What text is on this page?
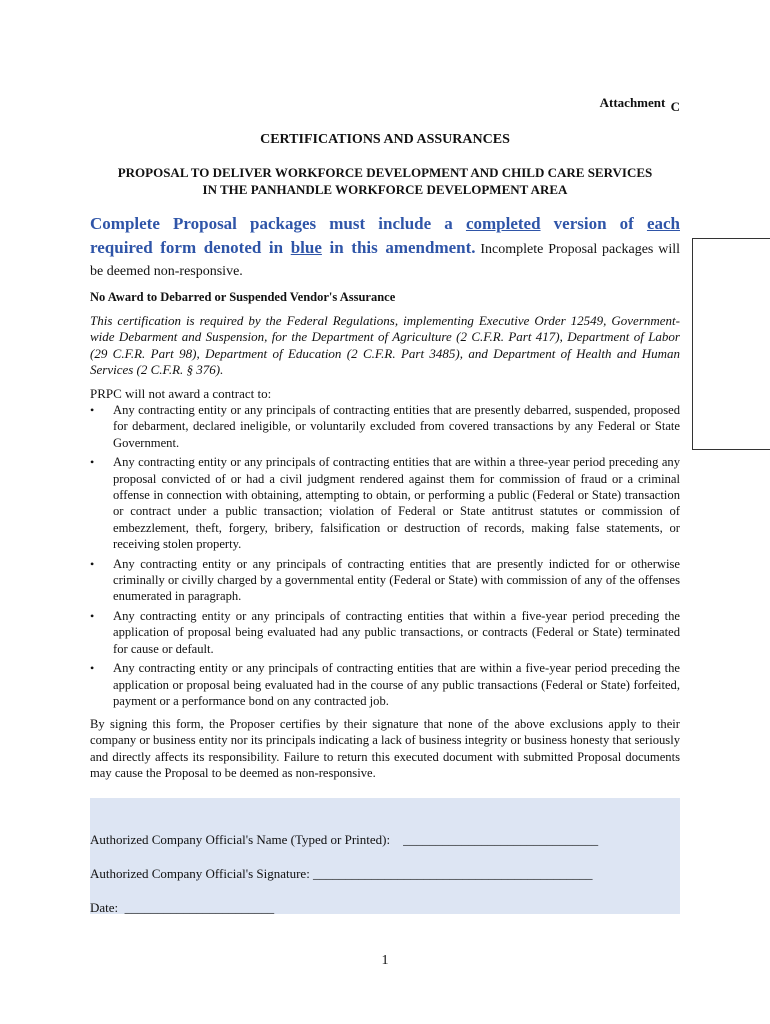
Attachment C
CERTIFICATIONS AND ASSURANCES
PROPOSAL TO DELIVER WORKFORCE DEVELOPMENT AND CHILD CARE SERVICES
IN THE PANHANDLE WORKFORCE DEVELOPMENT AREA
Complete Proposal packages must include a completed version of each required form denoted in blue in this amendment. Incomplete Proposal packages will be deemed non-responsive.
No Award to Debarred or Suspended Vendor's Assurance
This certification is required by the Federal Regulations, implementing Executive Order 12549, Government-wide Debarment and Suspension, for the Department of Agriculture (2 C.F.R. Part 417), Department of Labor (29 C.F.R. Part 98), Department of Education (2 C.F.R. Part 3485), and Department of Health and Human Services (2 C.F.R. § 376).
PRPC will not award a contract to:
• Any contracting entity or any principals of contracting entities that are presently debarred, suspended, proposed for debarment, declared ineligible, or voluntarily excluded from covered transactions by any Federal or State Government.
• Any contracting entity or any principals of contracting entities that are within a three-year period preceding any proposal convicted of or had a civil judgment rendered against them for commission of fraud or a criminal offense in connection with obtaining, attempting to obtain, or performing a public (Federal or State) transaction or contract under a public transaction; violation of Federal or State antitrust statutes or commission of embezzlement, theft, forgery, bribery, falsification or destruction of records, making false statements, or receiving stolen property.
• Any contracting entity or any principals of contracting entities that are presently indicted for or otherwise criminally or civilly charged by a governmental entity (Federal or State) with commission of any of the offenses enumerated in paragraph.
• Any contracting entity or any principals of contracting entities that within a five-year period preceding the application of proposal being evaluated had any public transactions, or contracts (Federal or State) terminated for cause or default.
• Any contracting entity or any principals of contracting entities that are within a five-year period preceding the application or proposal being evaluated had in the course of any public transactions (Federal or State) forfeited, payment or a performance bond on any contracted job.
By signing this form, the Proposer certifies by their signature that none of the above exclusions apply to their company or business entity nor its principals indicating a lack of business integrity or business honesty that seriously and directly affects its responsibility. Failure to return this executed document with submitted Proposal documents may cause the Proposal to be deemed as non-responsive.
Authorized Company Official's Name (Typed or Printed):    ______________________________
Authorized Company Official's Signature: ___________________________________________
Date:  _______________________
1
